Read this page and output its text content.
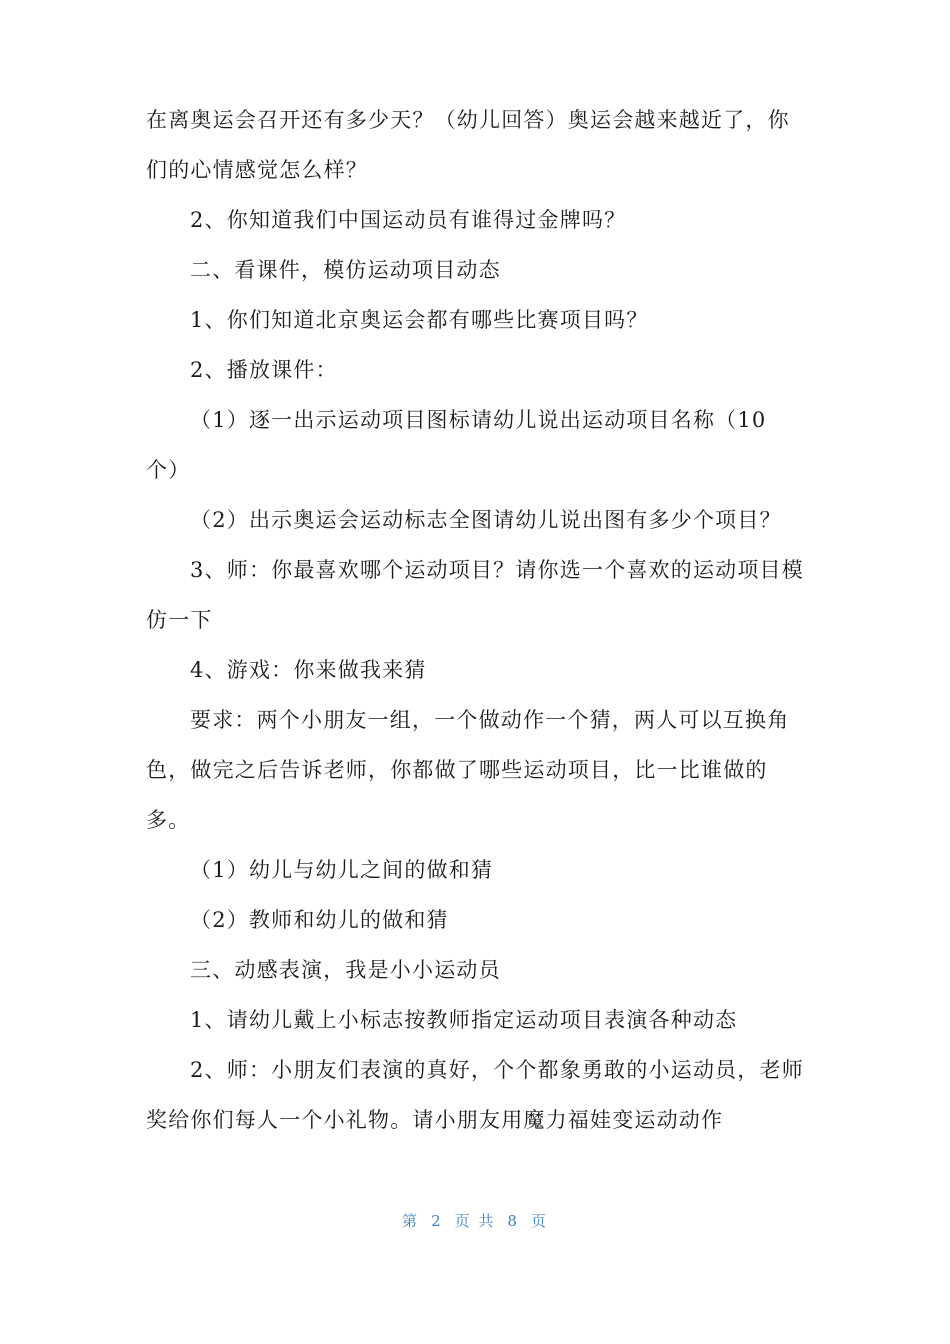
在离奥运会召开还有多少天？（幼儿回答）奥运会越来越近了，你
们的心情感觉怎么样？
2、你知道我们中国运动员有谁得过金牌吗？
二、看课件，模仿运动项目动态
1、你们知道北京奥运会都有哪些比赛项目吗？
2、播放课件：
（1）逐一出示运动项目图标请幼儿说出运动项目名称（10
个）
（2）出示奥运会运动标志全图请幼儿说出图有多少个项目？
3、师：你最喜欢哪个运动项目？请你选一个喜欢的运动项目模
仿一下
4、游戏：你来做我来猜
要求：两个小朋友一组，一个做动作一个猜，两人可以互换角
色，做完之后告诉老师，你都做了哪些运动项目，比一比谁做的
多。
（1）幼儿与幼儿之间的做和猜
（2）教师和幼儿的做和猜
三、动感表演，我是小小运动员
1、请幼儿戴上小标志按教师指定运动项目表演各种动态
2、师：小朋友们表演的真好，个个都象勇敢的小运动员，老师
奖给你们每人一个小礼物。请小朋友用魔力福娃变运动动作
第 2 页 共 8 页
